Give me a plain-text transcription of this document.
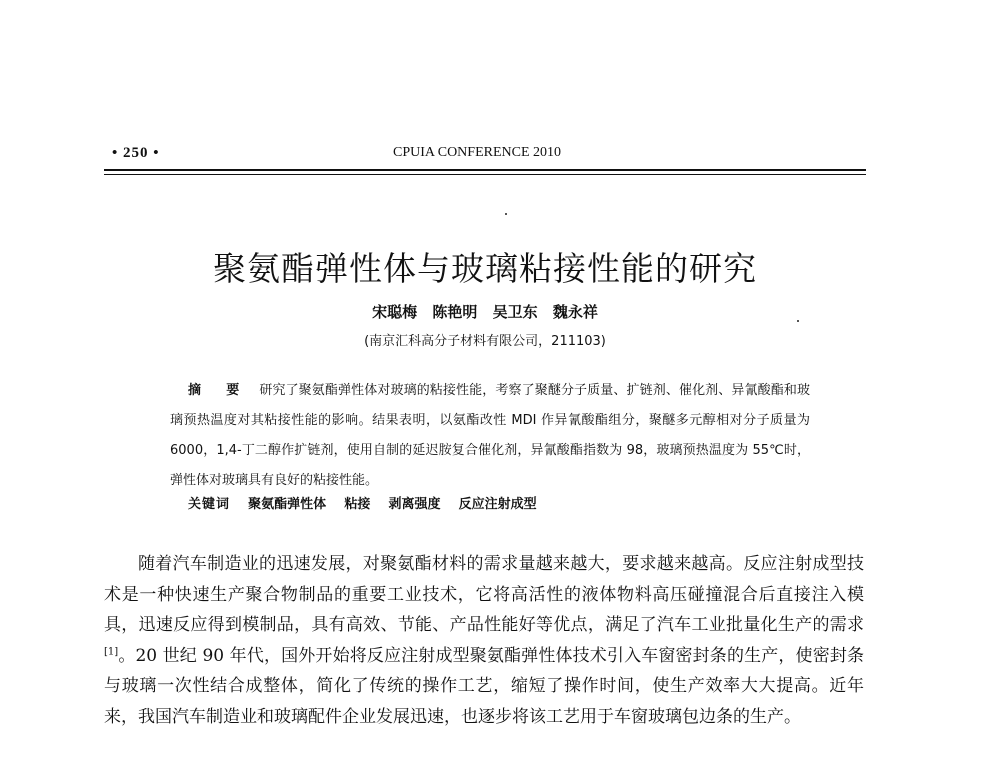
• 250 •	CPUIA CONFERENCE 2010
聚氨酯弹性体与玻璃粘接性能的研究
宋聪梅 陈艳明 吴卫东 魏永祥
(南京汇科高分子材料有限公司，211103)
摘　要 研究了聚氨酯弹性体对玻璃的粘接性能，考察了聚醚分子质量、扩链剂、催化剂、异氰酸酯和玻璃预热温度对其粘接性能的影响。结果表明，以氨酯改性 MDI 作异氰酸酯组分，聚醚多元醇相对分子质量为 6000，1,4-丁二醇作扩链剂，使用自制的延迟胺复合催化剂，异氰酸酯指数为 98，玻璃预热温度为 55℃时，弹性体对玻璃具有良好的粘接性能。
关键词 聚氨酯弹性体 粘接 剥离强度 反应注射成型
随着汽车制造业的迅速发展，对聚氨酯材料的需求量越来越大，要求越来越高。反应注射成型技术是一种快速生产聚合物制品的重要工业技术，它将高活性的液体物料高压碰撞混合后直接注入模具，迅速反应得到模制品，具有高效、节能、产品性能好等优点，满足了汽车工业批量化生产的需求[1]。20 世纪 90 年代，国外开始将反应注射成型聚氨酯弹性体技术引入车窗密封条的生产，使密封条与玻璃一次性结合成整体，简化了传统的操作工艺，缩短了操作时间，使生产效率大大提高。近年来，我国汽车制造业和玻璃配件企业发展迅速，也逐步将该工艺用于车窗玻璃包边条的生产。
